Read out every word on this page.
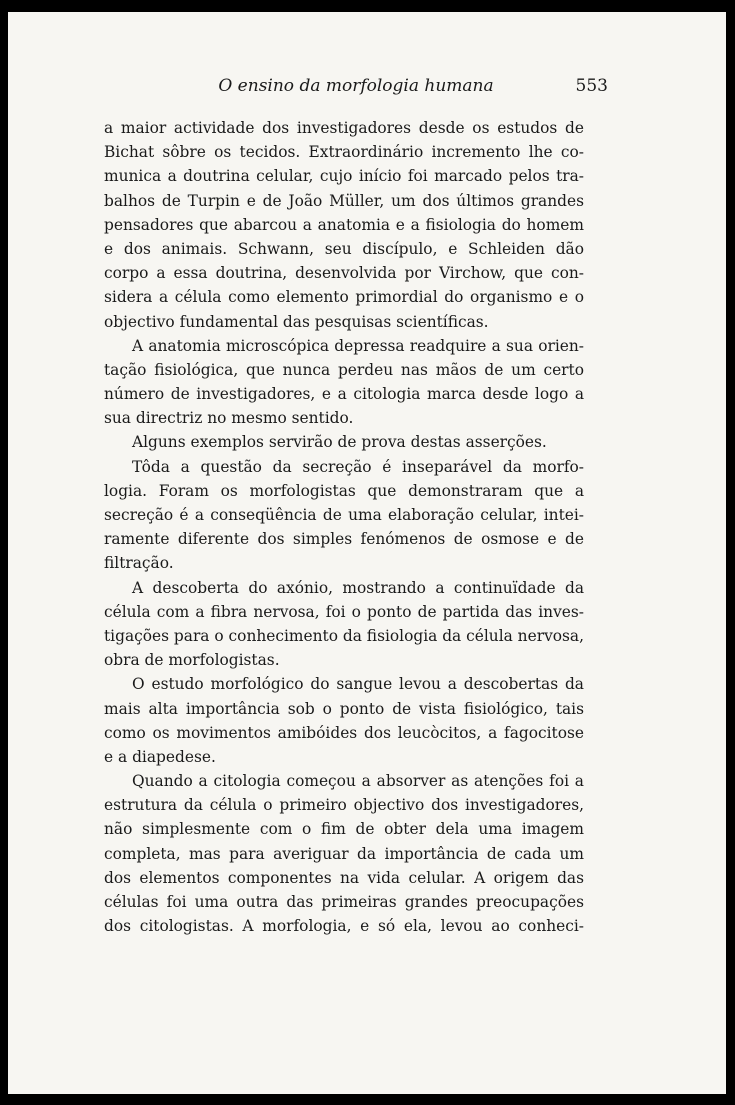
O ensino da morfologia humana	553
a maior actividade dos investigadores desde os estudos de
Bichat sôbre os tecidos. Extraordinário incremento lhe co-
munica a doutrina celular, cujo início foi marcado pelos tra-
balhos de Turpin e de João Müller, um dos últimos grandes
pensadores que abarcou a anatomia e a fisiologia do homem
e dos animais. Schwann, seu discípulo, e Schleiden dão
corpo a essa doutrina, desenvolvida por Virchow, que con-
sidera a célula como elemento primordial do organismo e o
objectivo fundamental das pesquisas scientíficas.
A anatomia microscópica depressa readquire a sua orien-
tação fisiológica, que nunca perdeu nas mãos de um certo
número de investigadores, e a citologia marca desde logo a
sua directriz no mesmo sentido.
Alguns exemplos servirão de prova destas asserções.
Tôda a questão da secreção é inseparável da morfo-
logia. Foram os morfologistas que demonstraram que a
secreção é a conseqüência de uma elaboração celular, intei-
ramente diferente dos simples fenómenos de osmose e de
filtração.
A descoberta do axónio, mostrando a continuïdade da
célula com a fibra nervosa, foi o ponto de partida das inves-
tigações para o conhecimento da fisiologia da célula nervosa,
obra de morfologistas.
O estudo morfológico do sangue levou a descobertas da
mais alta importância sob o ponto de vista fisiológico, tais
como os movimentos amibóides dos leucòcitos, a fagocitose
e a diapedese.
Quando a citologia começou a absorver as atenções foi a
estrutura da célula o primeiro objectivo dos investigadores,
não simplesmente com o fim de obter dela uma imagem
completa, mas para averiguar da importância de cada um
dos elementos componentes na vida celular. A origem das
células foi uma outra das primeiras grandes preocupações
dos citologistas. A morfologia, e só ela, levou ao conheci-
